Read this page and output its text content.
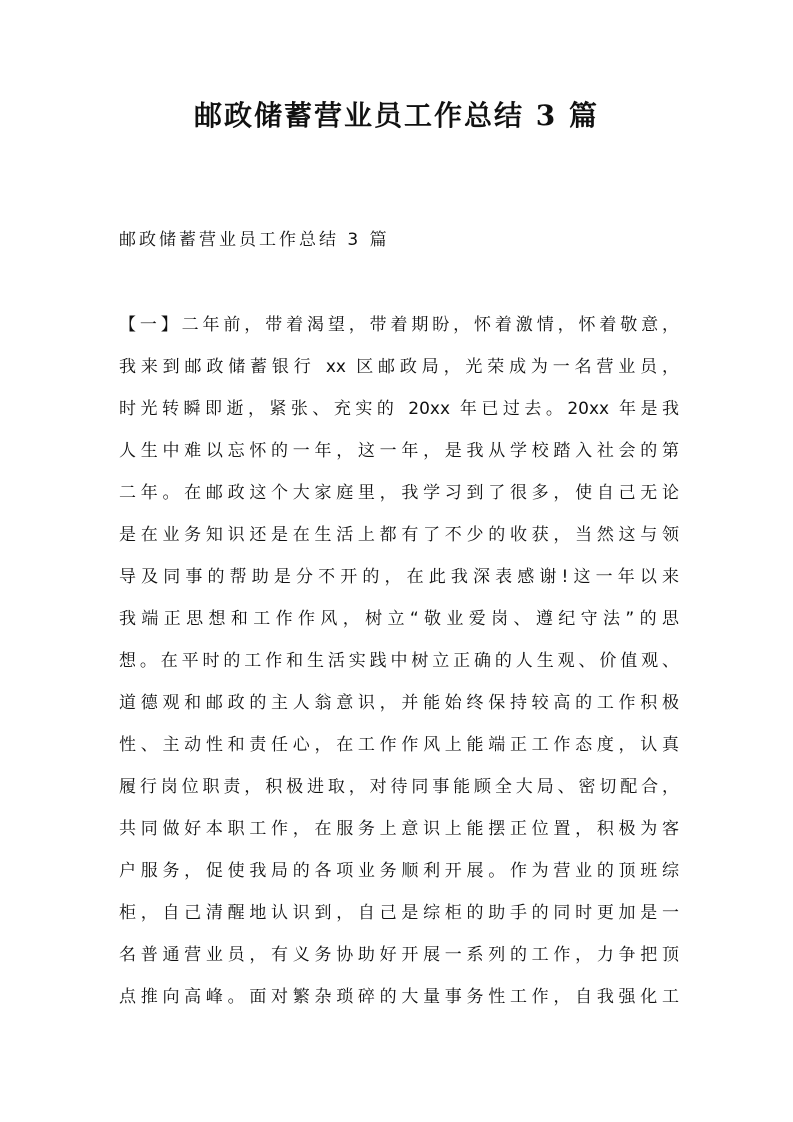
邮政储蓄营业员工作总结 3 篇

邮政储蓄营业员工作总结 3 篇

【一】二年前，带着渴望，带着期盼，怀着激情，怀着敬意，
我来到邮政储蓄银行 xx 区邮政局，光荣成为一名营业员，
时光转瞬即逝，紧张、充实的 20xx 年已过去。20xx 年是我
人生中难以忘怀的一年，这一年，是我从学校踏入社会的第
二年。在邮政这个大家庭里，我学习到了很多，使自己无论
是在业务知识还是在生活上都有了不少的收获，当然这与领
导及同事的帮助是分不开的，在此我深表感谢!这一年以来
我端正思想和工作作风，树立“敬业爱岗、遵纪守法”的思
想。在平时的工作和生活实践中树立正确的人生观、价值观、
道德观和邮政的主人翁意识，并能始终保持较高的工作积极
性、主动性和责任心，在工作作风上能端正工作态度，认真
履行岗位职责，积极进取，对待同事能顾全大局、密切配合，
共同做好本职工作，在服务上意识上能摆正位置，积极为客
户服务，促使我局的各项业务顺利开展。作为营业的顶班综
柜，自己清醒地认识到，自己是综柜的助手的同时更加是一
名普通营业员，有义务协助好开展一系列的工作，力争把顶
点推向高峰。面对繁杂琐碎的大量事务性工作，自我强化工
